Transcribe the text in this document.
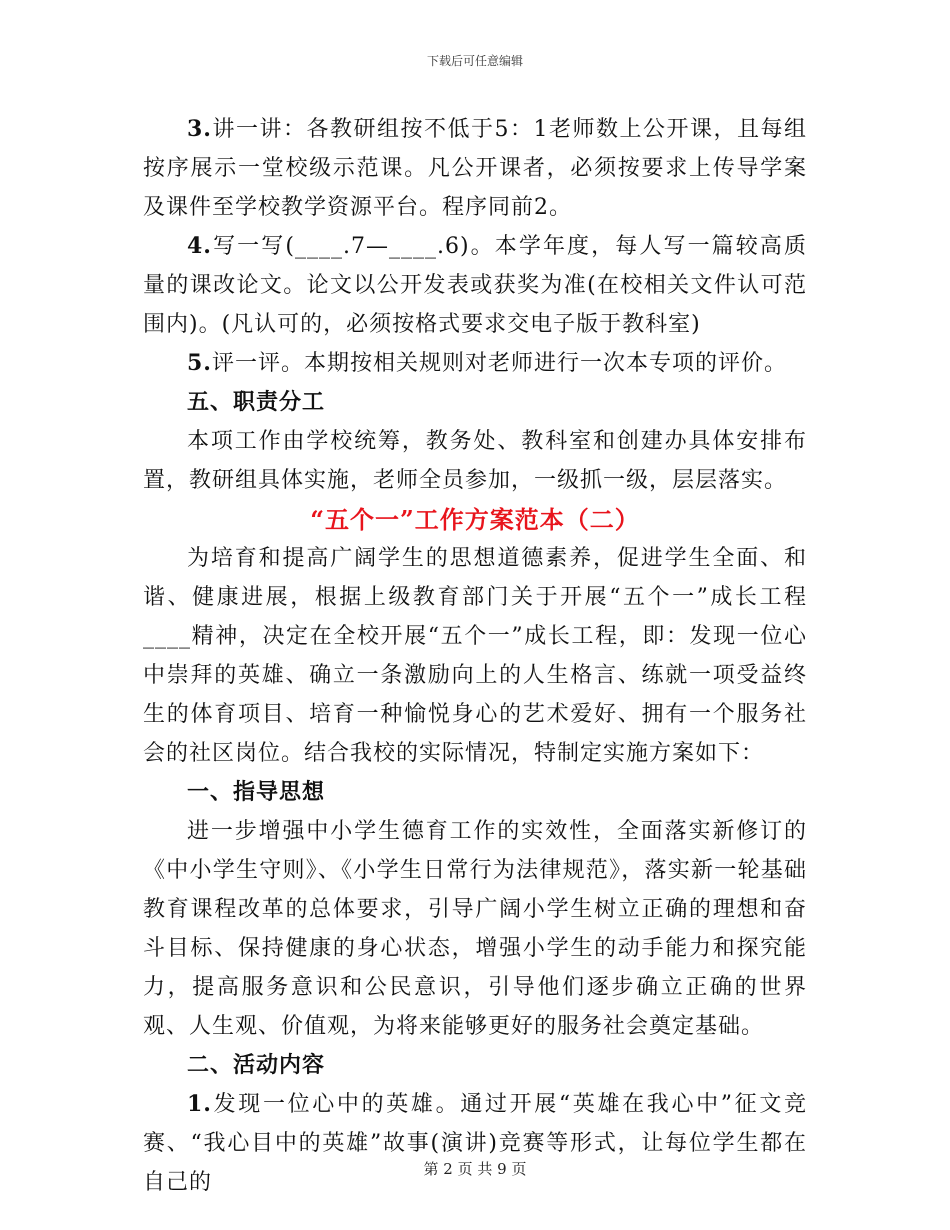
下载后可任意编辑

3.讲一讲：各教研组按不低于5：1老师数上公开课，且每组按序展示一堂校级示范课。凡公开课者，必须按要求上传导学案及课件至学校教学资源平台。程序同前2。

4.写一写(____.7—____.6)。本学年度，每人写一篇较高质量的课改论文。论文以公开发表或获奖为准(在校相关文件认可范围内)。(凡认可的，必须按格式要求交电子版于教科室)

5.评一评。本期按相关规则对老师进行一次本专项的评价。

五、职责分工

本项工作由学校统筹，教务处、教科室和创建办具体安排布置，教研组具体实施，老师全员参加，一级抓一级，层层落实。

“五个一”工作方案范本（二）

为培育和提高广阔学生的思想道德素养，促进学生全面、和谐、健康进展，根据上级教育部门关于开展“五个一”成长工程____精神，决定在全校开展“五个一”成长工程，即：发现一位心中崇拜的英雄、确立一条激励向上的人生格言、练就一项受益终生的体育项目、培育一种愉悦身心的艺术爱好、拥有一个服务社会的社区岗位。结合我校的实际情况，特制定实施方案如下：

一、指导思想

进一步增强中小学生德育工作的实效性，全面落实新修订的《中小学生守则》、《小学生日常行为法律规范》，落实新一轮基础教育课程改革的总体要求，引导广阔小学生树立正确的理想和奋斗目标、保持健康的身心状态，增强小学生的动手能力和探究能力，提高服务意识和公民意识，引导他们逐步确立正确的世界观、人生观、价值观，为将来能够更好的服务社会奠定基础。

二、活动内容

1.发现一位心中的英雄。通过开展“英雄在我心中”征文竞赛、“我心目中的英雄”故事(演讲)竞赛等形式，让每位学生都在自己的

第 2 页 共 9 页
